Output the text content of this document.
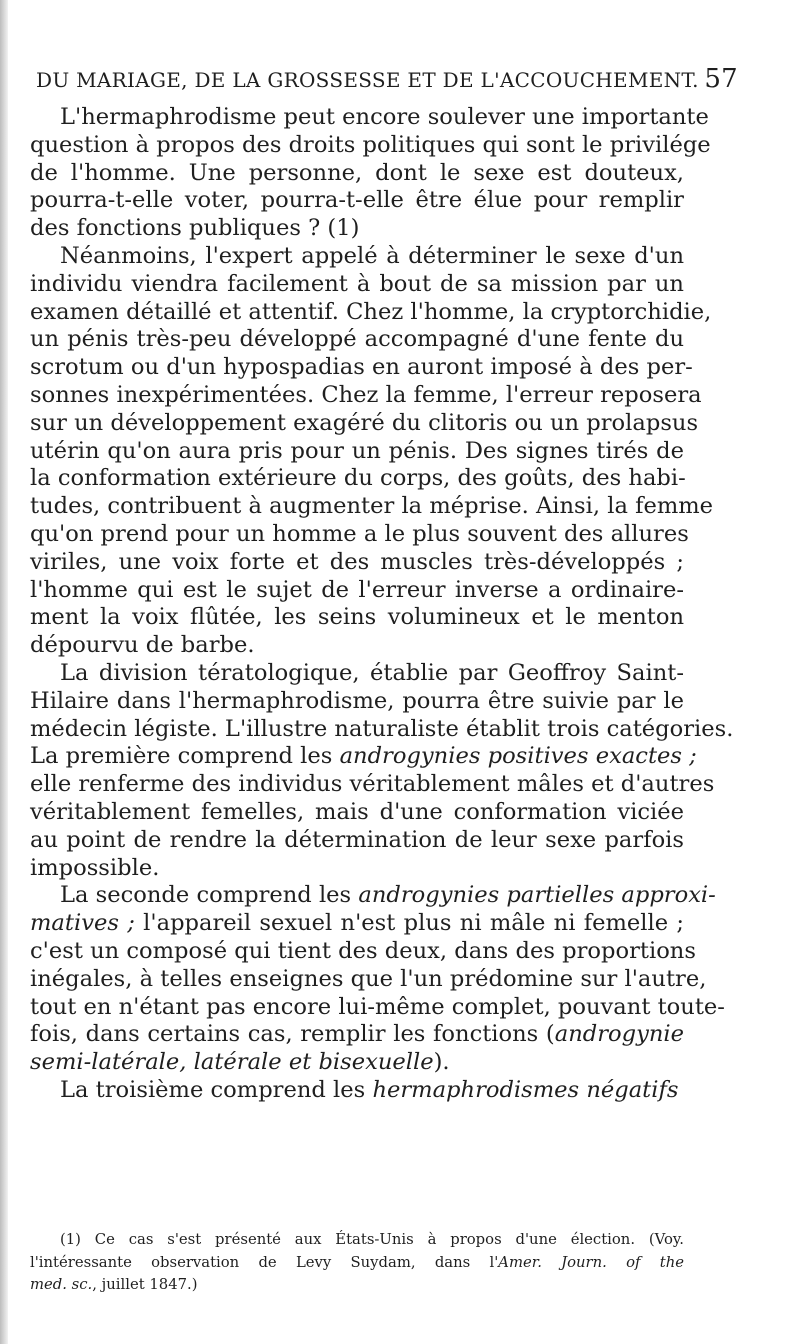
DU MARIAGE, DE LA GROSSESSE ET DE L'ACCOUCHEMENT. 57
L'hermaphrodisme peut encore soulever une importante
question à propos des droits politiques qui sont le privilége
de l'homme. Une personne, dont le sexe est douteux,
pourra-t-elle voter, pourra-t-elle être élue pour remplir
des fonctions publiques ? (1)
Néanmoins, l'expert appelé à déterminer le sexe d'un
individu viendra facilement à bout de sa mission par un
examen détaillé et attentif. Chez l'homme, la cryptorchidie,
un pénis très-peu développé accompagné d'une fente du
scrotum ou d'un hypospadias en auront imposé à des per-
sonnes inexpérimentées. Chez la femme, l'erreur reposera
sur un développement exagéré du clitoris ou un prolapsus
utérin qu'on aura pris pour un pénis. Des signes tirés de
la conformation extérieure du corps, des goûts, des habi-
tudes, contribuent à augmenter la méprise. Ainsi, la femme
qu'on prend pour un homme a le plus souvent des allures
viriles, une voix forte et des muscles très-développés ;
l'homme qui est le sujet de l'erreur inverse a ordinaire-
ment la voix flûtée, les seins volumineux et le menton
dépourvu de barbe.
La division tératologique, établie par Geoffroy Saint-
Hilaire dans l'hermaphrodisme, pourra être suivie par le
médecin légiste. L'illustre naturaliste établit trois catégories.
La première comprend les androgynies positives exactes ;
elle renferme des individus véritablement mâles et d'autres
véritablement femelles, mais d'une conformation viciée
au point de rendre la détermination de leur sexe parfois
impossible.
La seconde comprend les androgynies partielles approxi-
matives ; l'appareil sexuel n'est plus ni mâle ni femelle ;
c'est un composé qui tient des deux, dans des proportions
inégales, à telles enseignes que l'un prédomine sur l'autre,
tout en n'étant pas encore lui-même complet, pouvant toute-
fois, dans certains cas, remplir les fonctions (androgynie
semi-latérale, latérale et bisexuelle).
La troisième comprend les hermaphrodismes négatifs
(1) Ce cas s'est présenté aux États-Unis à propos d'une élection. (Voy.
l'intéressante observation de Levy Suydam, dans l'Amer. Journ. of the
med. sc., juillet 1847.)
